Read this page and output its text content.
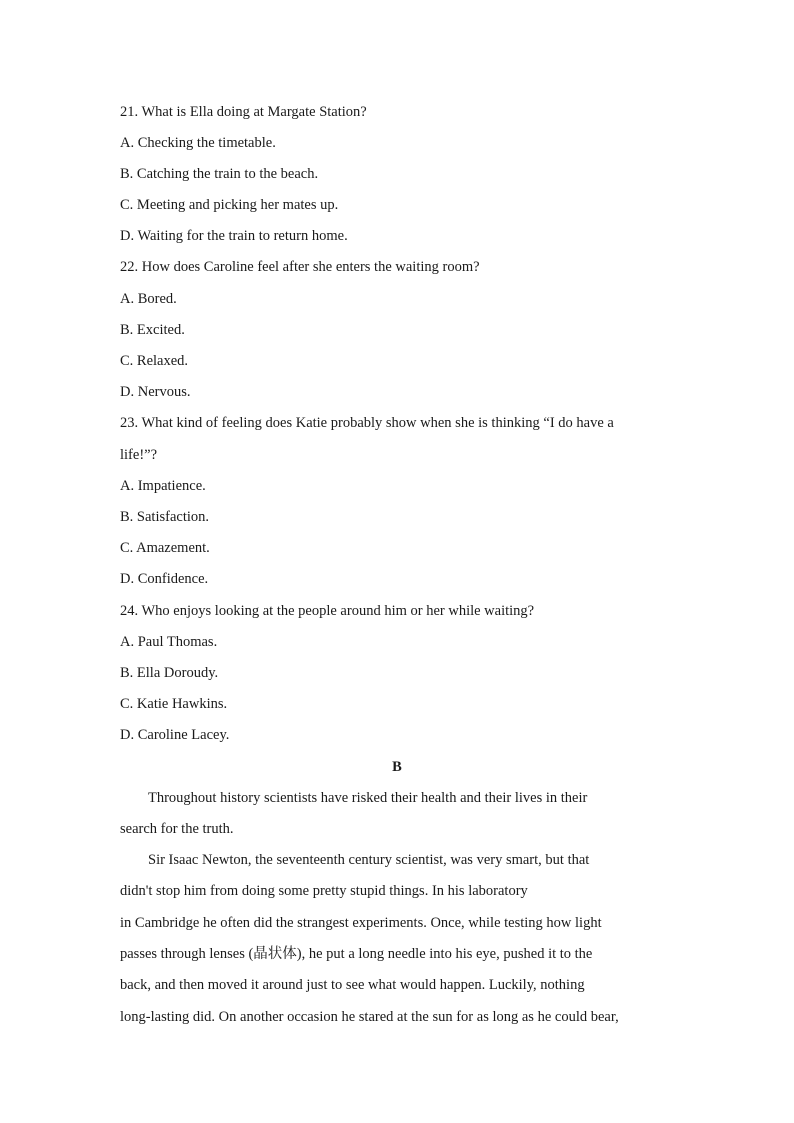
21. What is Ella doing at Margate Station?
A. Checking the timetable.
B. Catching the train to the beach.
C. Meeting and picking her mates up.
D. Waiting for the train to return home.
22. How does Caroline feel after she enters the waiting room?
A. Bored.
B. Excited.
C. Relaxed.
D. Nervous.
23. What kind of feeling does Katie probably show when she is thinking “I do have a
life!”?
A. Impatience.
B. Satisfaction.
C. Amazement.
D. Confidence.
24. Who enjoys looking at the people around him or her while waiting?
A. Paul Thomas.
B. Ella Doroudy.
C. Katie Hawkins.
D. Caroline Lacey.
B
Throughout history scientists have risked their health and their lives in their
search for the truth.
Sir Isaac Newton, the seventeenth century scientist, was very smart, but that
didn't stop him from doing some pretty stupid things. In his laboratory
in Cambridge he often did the strangest experiments. Once, while testing how light
passes through lenses (晶状体), he put a long needle into his eye, pushed it to the
back, and then moved it around just to see what would happen. Luckily, nothing
long-lasting did. On another occasion he stared at the sun for as long as he could bear,
